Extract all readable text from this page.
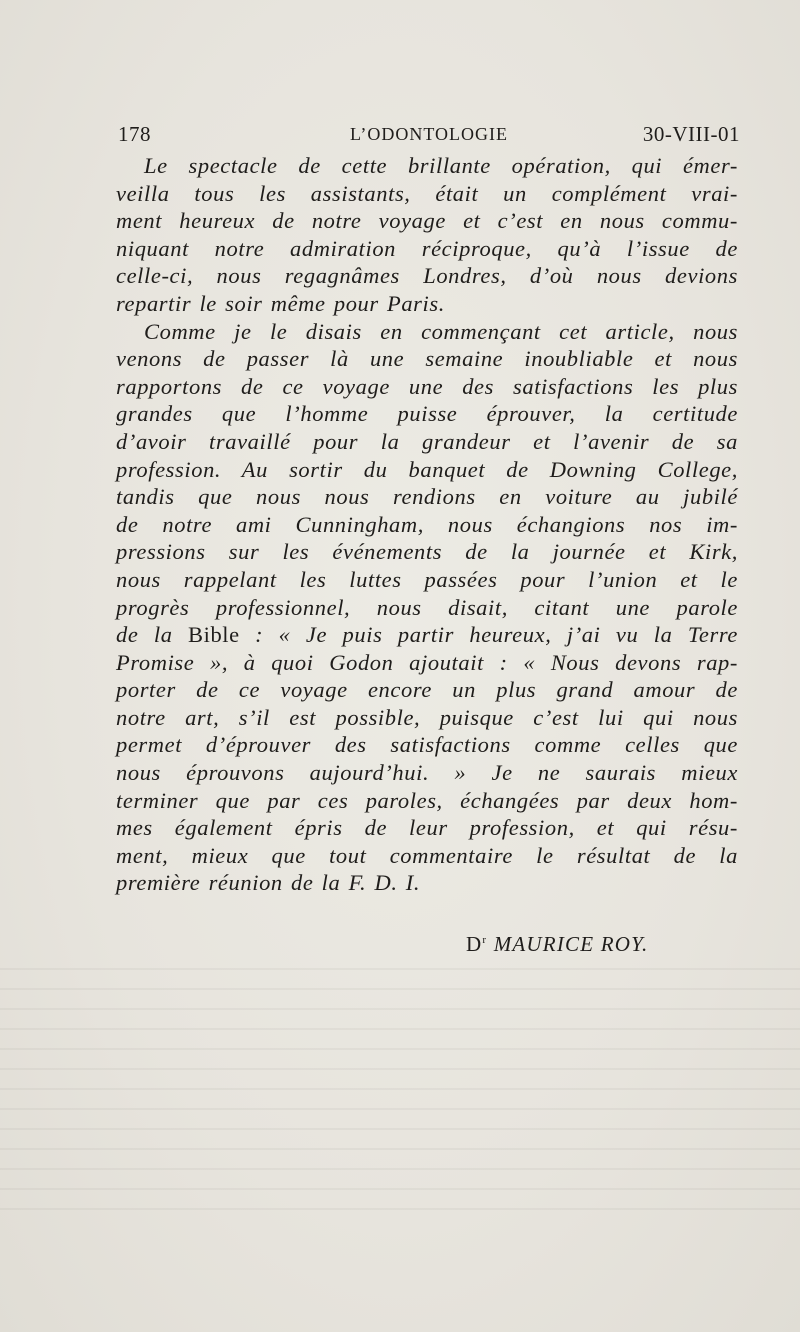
178	L’ODONTOLOGIE	30-VIII-01
Le spectacle de cette brillante opération, qui émer-
veilla tous les assistants, était un complément vrai-
ment heureux de notre voyage et c’est en nous commu-
niquant notre admiration réciproque, qu’à l’issue de
celle-ci, nous regagnâmes Londres, d’où nous devions
repartir le soir même pour Paris.
Comme je le disais en commençant cet article, nous
venons de passer là une semaine inoubliable et nous
rapportons de ce voyage une des satisfactions les plus
grandes que l’homme puisse éprouver, la certitude
d’avoir travaillé pour la grandeur et l’avenir de sa
profession. Au sortir du banquet de Downing College,
tandis que nous nous rendions en voiture au jubilé
de notre ami Cunningham, nous échangions nos im-
pressions sur les événements de la journée et Kirk,
nous rappelant les luttes passées pour l’union et le
progrès professionnel, nous disait, citant une parole
de la Bible : « Je puis partir heureux, j’ai vu la Terre
Promise », à quoi Godon ajoutait : « Nous devons rap-
porter de ce voyage encore un plus grand amour de
notre art, s’il est possible, puisque c’est lui qui nous
permet d’éprouver des satisfactions comme celles que
nous éprouvons aujourd’hui. » Je ne saurais mieux
terminer que par ces paroles, échangées par deux hom-
mes également épris de leur profession, et qui résu-
ment, mieux que tout commentaire le résultat de la
première réunion de la F. D. I.
$D^r$ MAURICE ROY.
